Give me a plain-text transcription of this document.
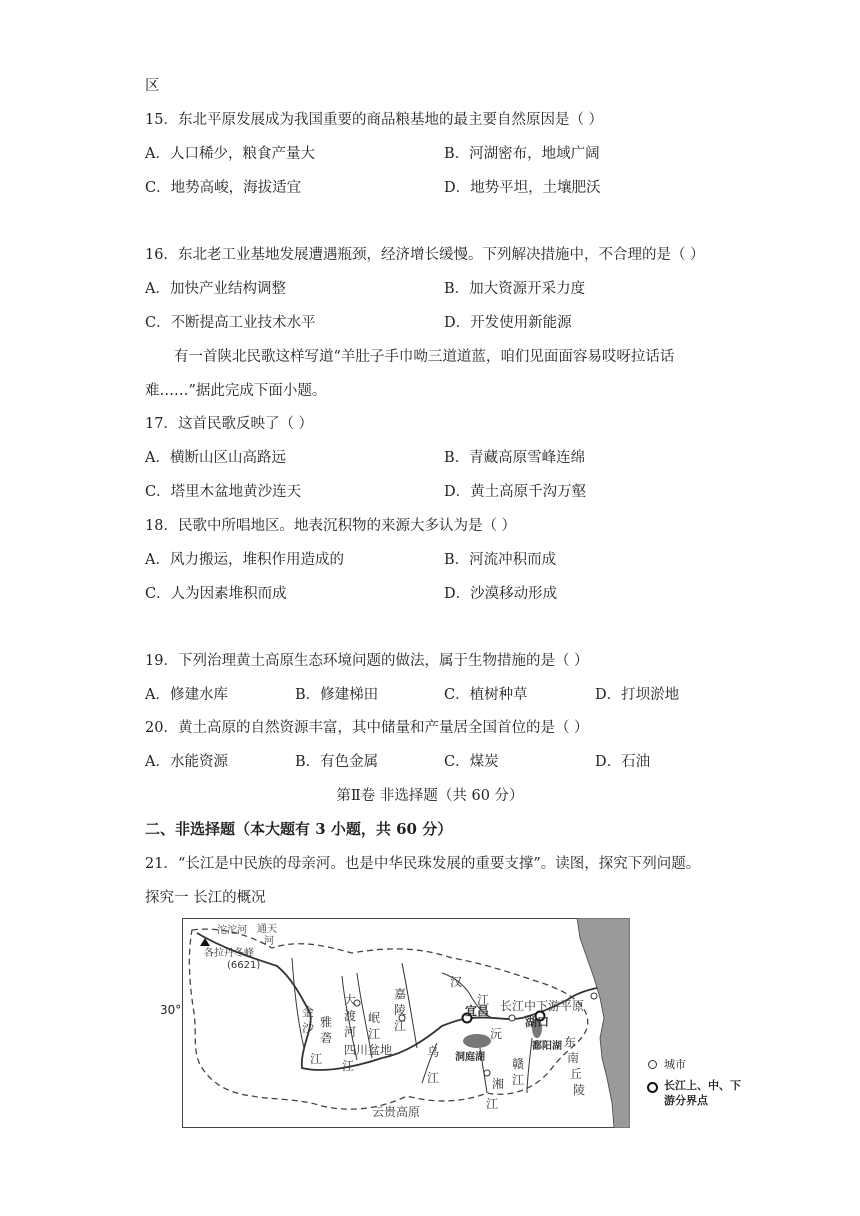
区
15．东北平原发展成为我国重要的商品粮基地的最主要自然原因是（ ）
A．人口稀少，粮食产量大	B．河湖密布，地域广阔
C．地势高峻，海拔适宜	D．地势平坦，土壤肥沃
16．东北老工业基地发展遭遇瓶颈，经济增长缓慢。下列解决措施中，不合理的是（ ）
A．加快产业结构调整	B．加大资源开采力度
C．不断提高工业技术水平	D．开发使用新能源
有一首陕北民歌这样写道“羊肚子手巾呦三道道蓝，咱们见面面容易哎呀拉话话
难……”据此完成下面小题。
17．这首民歌反映了（ ）
A．横断山区山高路远	B．青藏高原雪峰连绵
C．塔里木盆地黄沙连天	D．黄土高原千沟万壑
18．民歌中所唱地区。地表沉积物的来源大多认为是（ ）
A．风力搬运，堆积作用造成的	B．河流冲积而成
C．人为因素堆积而成	D．沙漠移动形成
19．下列治理黄土高原生态环境问题的做法，属于生物措施的是（ ）
A．修建水库	B．修建梯田	C．植树种草	D．打坝淤地
20．黄土高原的自然资源丰富，其中储量和产量居全国首位的是（ ）
A．水能资源	B．有色金属	C．煤炭	D．石油
第Ⅱ卷 非选择题（共 60 分）
二、非选择题（本大题有 3 小题，共 60 分）
21．“长江是中民族的母亲河。也是中华民珠发展的重要支撑”。读图，探究下列问题。
探究一 长江的概况
30°
沱沱河 通天
河
各拉丹冬峰
(6621)
汉
江
嘉
陵
江
大
渡
河
岷
江
雅
砻
金
沙
江 江
四川盆地	乌
江
宜昌
湖口
鄱阳湖
洞庭湖
长江中下游平原
沅
湘
江
赣
江
东
南
丘
陵
云贵高原
城市
长江上、中、下
游分界点
